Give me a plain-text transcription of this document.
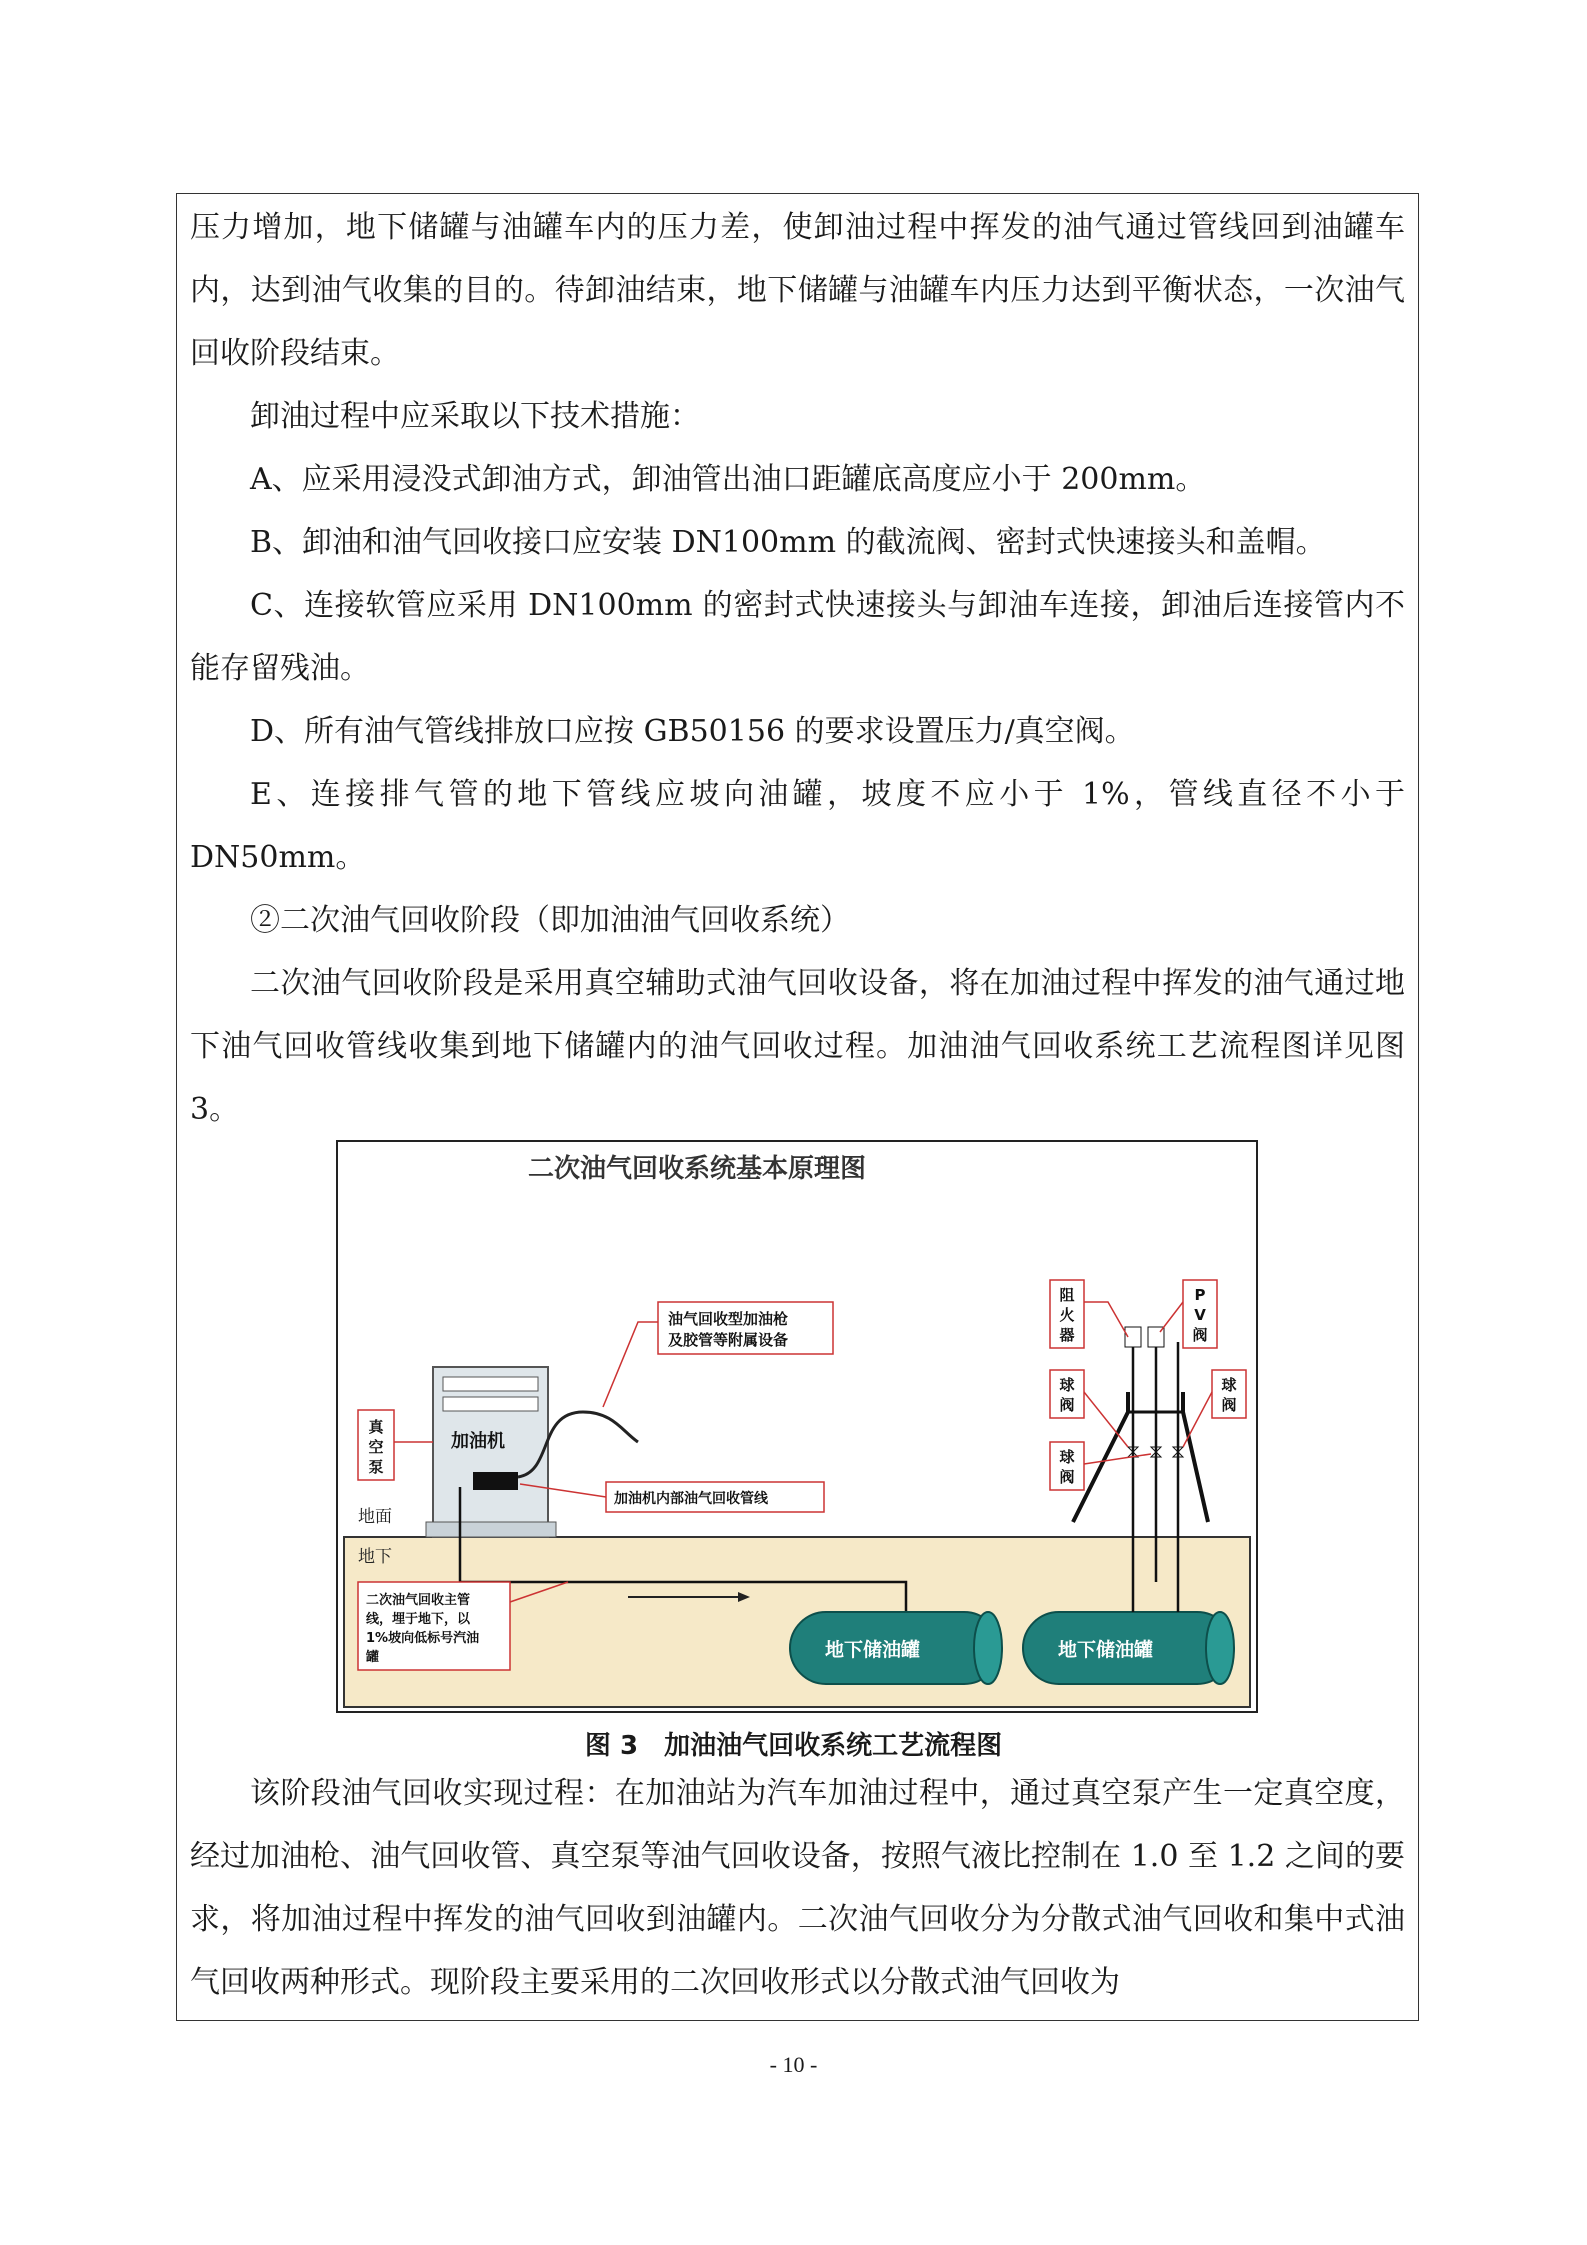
压力增加，地下储罐与油罐车内的压力差，使卸油过程中挥发的油气通过管线回到油罐车内，达到油气收集的目的。待卸油结束，地下储罐与油罐车内压力达到平衡状态，一次油气回收阶段结束。

卸油过程中应采取以下技术措施：

A、应采用浸没式卸油方式，卸油管出油口距罐底高度应小于 200mm。

B、卸油和油气回收接口应安装 DN100mm 的截流阀、密封式快速接头和盖帽。

C、连接软管应采用 DN100mm 的密封式快速接头与卸油车连接，卸油后连接管内不能存留残油。

D、所有油气管线排放口应按 GB50156 的要求设置压力/真空阀。

E、连接排气管的地下管线应坡向油罐，坡度不应小于 1%，管线直径不小于 DN50mm。

②二次油气回收阶段（即加油油气回收系统）

二次油气回收阶段是采用真空辅助式油气回收设备，将在加油过程中挥发的油气通过地下油气回收管线收集到地下储罐内的油气回收过程。加油油气回收系统工艺流程图详见图 3。

二次油气回收系统基本原理图
地面
地下
加油机
真空泵
油气回收型加油枪
及胶管等附属设备
加油机内部油气回收管线
二次油气回收主管
线，埋于地下，以
1%坡向低标号汽油
罐	地下储油罐	地下储油罐
阻火器
P V 阀
球阀
球阀
球阀
图 3　加油油气回收系统工艺流程图

该阶段油气回收实现过程：在加油站为汽车加油过程中，通过真空泵产生一定真空度，经过加油枪、油气回收管、真空泵等油气回收设备，按照气液比控制在 1.0 至 1.2 之间的要求，将加油过程中挥发的油气回收到油罐内。二次油气回收分为分散式油气回收和集中式油气回收两种形式。现阶段主要采用的二次回收形式以分散式油气回收为

- 10 -
